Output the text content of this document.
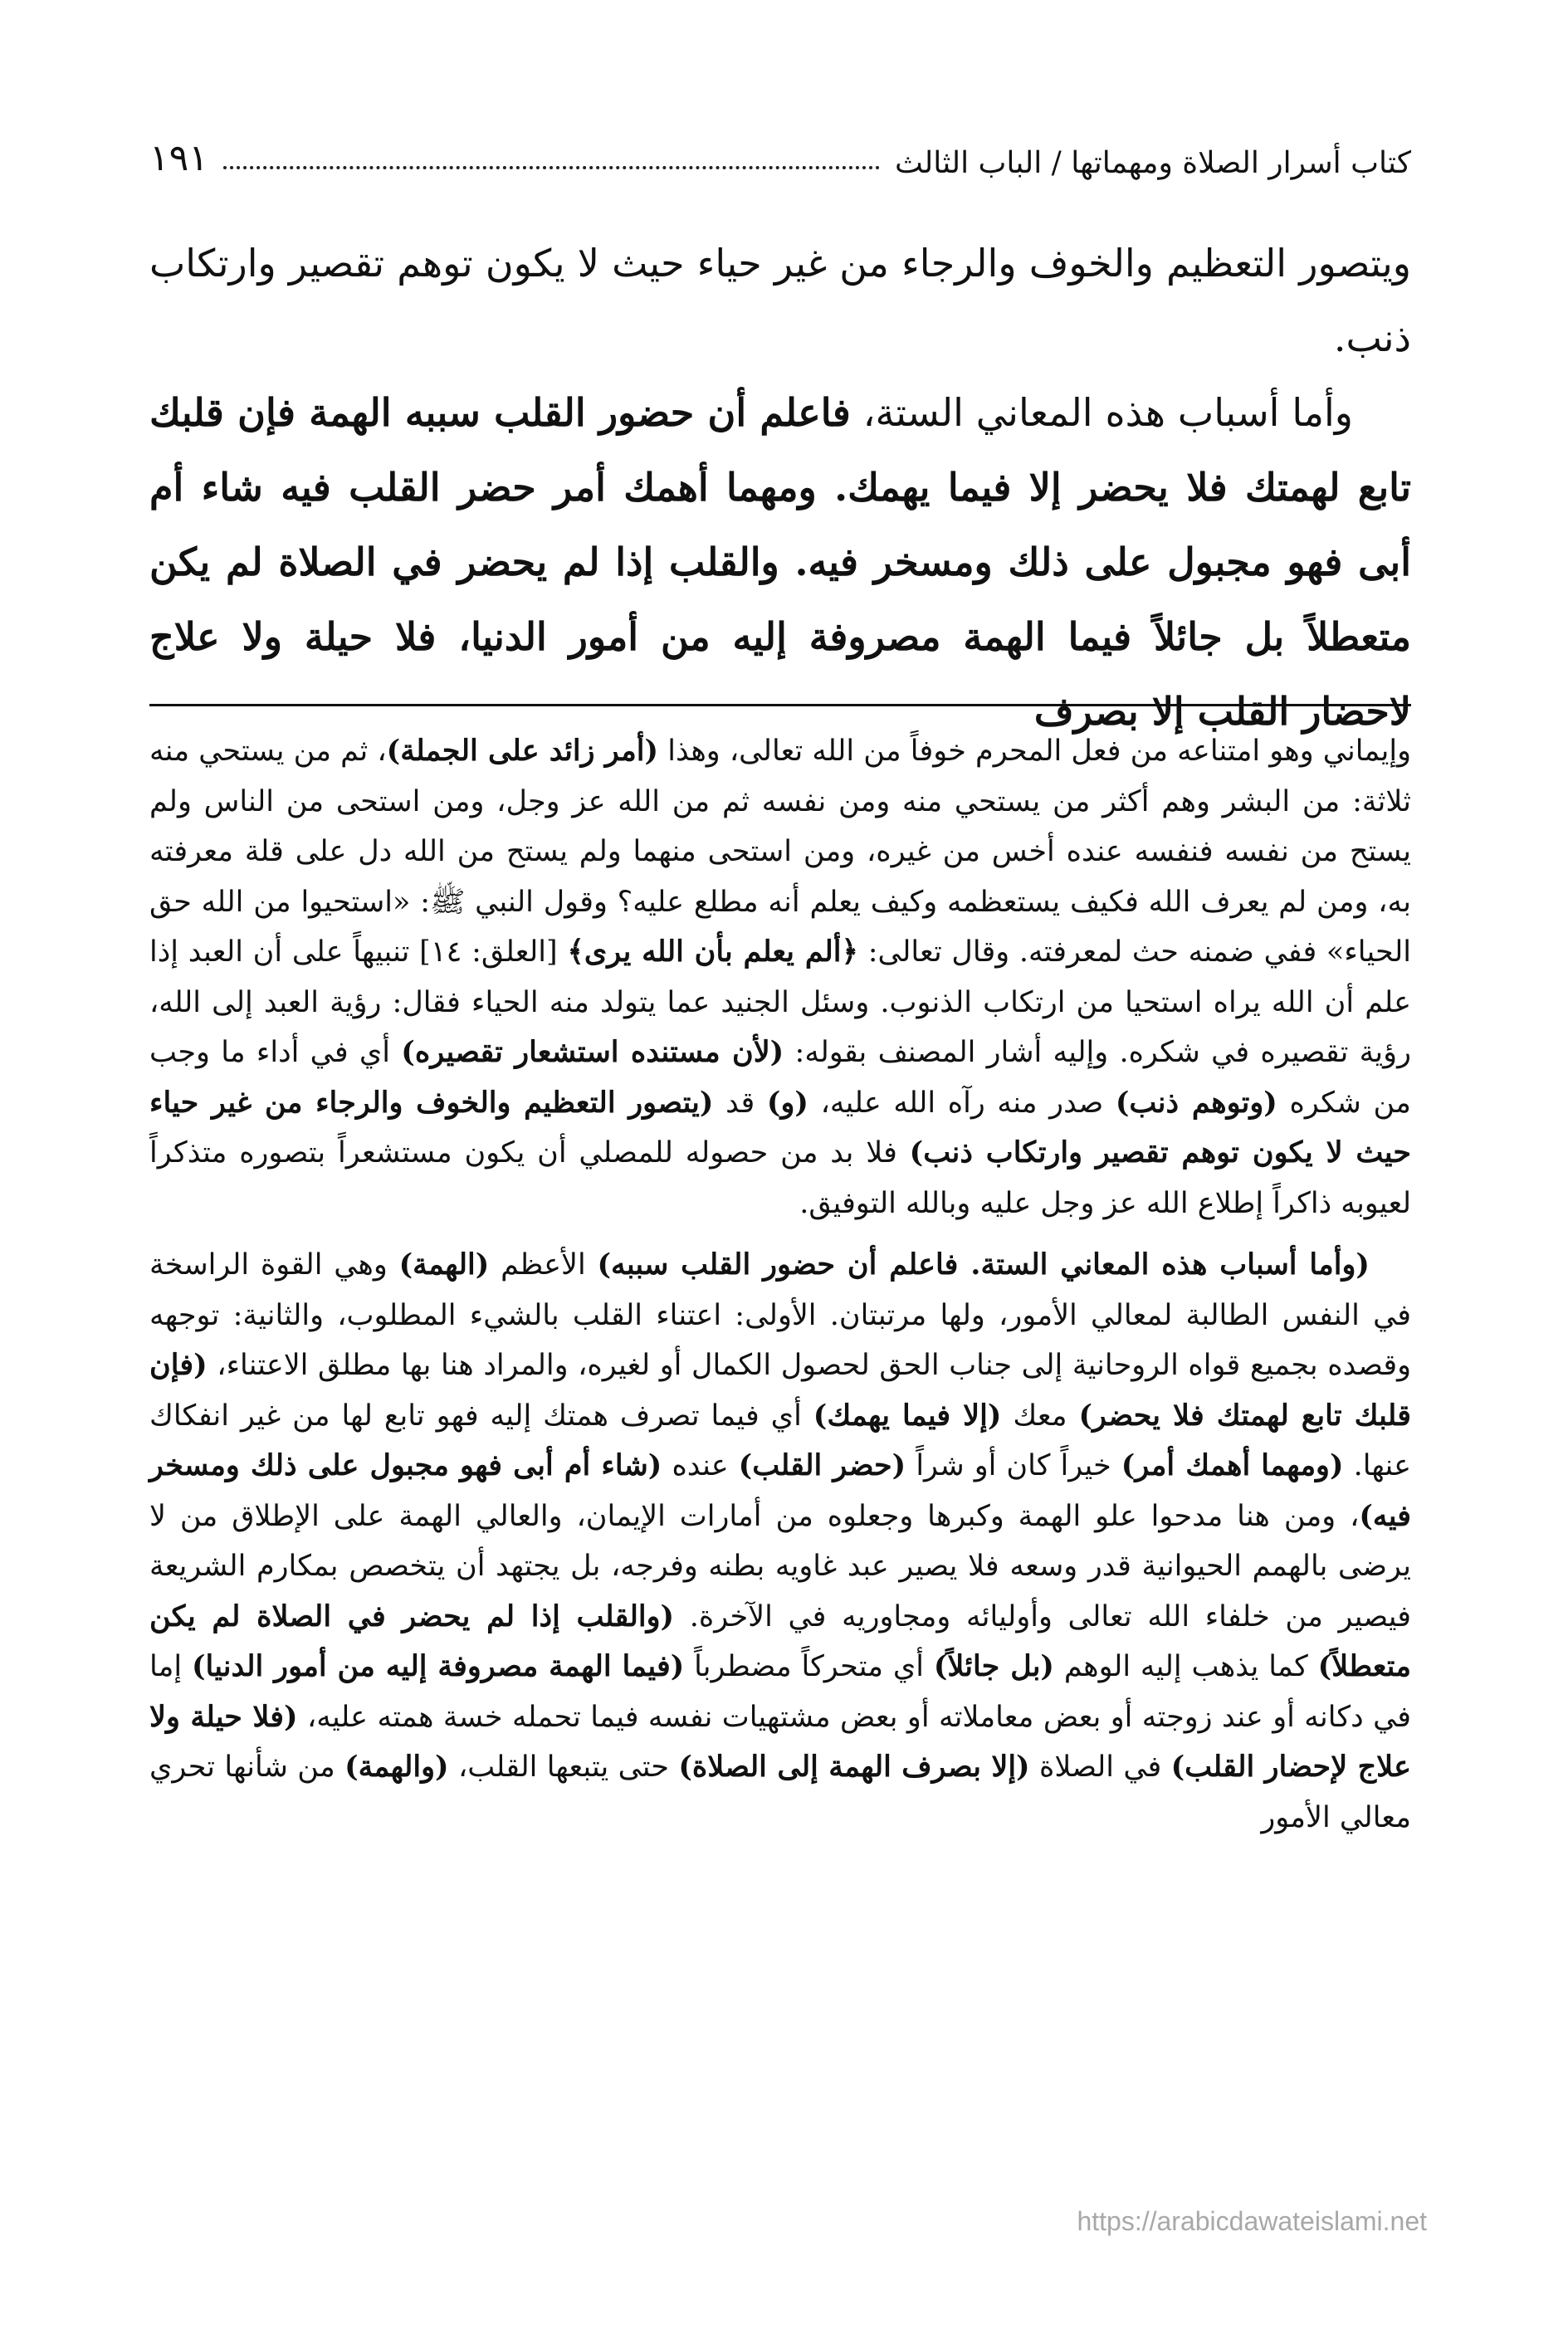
كتاب أسرار الصلاة ومهماتها / الباب الثالث
١٩١

ويتصور التعظيم والخوف والرجاء من غير حياء حيث لا يكون توهم تقصير وارتكاب ذنب.

وأما أسباب هذه المعاني الستة، فاعلم أن حضور القلب سببه الهمة فإن قلبك تابع لهمتك فلا يحضر إلا فيما يهمك. ومهما أهمك أمر حضر القلب فيه شاء أم أبى فهو مجبول على ذلك ومسخر فيه. والقلب إذا لم يحضر في الصلاة لم يكن متعطلاً بل جائلاً فيما الهمة مصروفة إليه من أمور الدنيا، فلا حيلة ولا علاج لاحضار القلب إلا بصرف

وإيماني وهو امتناعه من فعل المحرم خوفاً من الله تعالى، وهذا (أمر زائد على الجملة)، ثم من يستحي منه ثلاثة: من البشر وهم أكثر من يستحي منه ومن نفسه ثم من الله عز وجل، ومن استحى من الناس ولم يستح من نفسه فنفسه عنده أخس من غيره، ومن استحى منهما ولم يستح من الله دل على قلة معرفته به، ومن لم يعرف الله فكيف يستعظمه وكيف يعلم أنه مطلع عليه؟ وقول النبي ﷺ: «استحيوا من الله حق الحياء» ففي ضمنه حث لمعرفته. وقال تعالى: ﴿ألم يعلم بأن الله يرى﴾ [العلق: ١٤] تنبيهاً على أن العبد إذا علم أن الله يراه استحيا من ارتكاب الذنوب. وسئل الجنيد عما يتولد منه الحياء فقال: رؤية العبد إلى الله، رؤية تقصيره في شكره. وإليه أشار المصنف بقوله: (لأن مستنده استشعار تقصيره) أي في أداء ما وجب من شكره (وتوهم ذنب) صدر منه رآه الله عليه، (و) قد (يتصور التعظيم والخوف والرجاء من غير حياء حيث لا يكون توهم تقصير وارتكاب ذنب) فلا بد من حصوله للمصلي أن يكون مستشعراً بتصوره متذكراً لعيوبه ذاكراً إطلاع الله عز وجل عليه وبالله التوفيق.

(وأما أسباب هذه المعاني الستة. فاعلم أن حضور القلب سببه) الأعظم (الهمة) وهي القوة الراسخة في النفس الطالبة لمعالي الأمور، ولها مرتبتان. الأولى: اعتناء القلب بالشيء المطلوب، والثانية: توجهه وقصده بجميع قواه الروحانية إلى جناب الحق لحصول الكمال أو لغيره، والمراد هنا بها مطلق الاعتناء، (فإن قلبك تابع لهمتك فلا يحضر) معك (إلا فيما يهمك) أي فيما تصرف همتك إليه فهو تابع لها من غير انفكاك عنها. (ومهما أهمك أمر) خيراً كان أو شراً (حضر القلب) عنده (شاء أم أبى فهو مجبول على ذلك ومسخر فيه)، ومن هنا مدحوا علو الهمة وكبرها وجعلوه من أمارات الإيمان، والعالي الهمة على الإطلاق من لا يرضى بالهمم الحيوانية قدر وسعه فلا يصير عبد غاويه بطنه وفرجه، بل يجتهد أن يتخصص بمكارم الشريعة فيصير من خلفاء الله تعالى وأوليائه ومجاوريه في الآخرة. (والقلب إذا لم يحضر في الصلاة لم يكن متعطلاً) كما يذهب إليه الوهم (بل جائلاً) أي متحركاً مضطرباً (فيما الهمة مصروفة إليه من أمور الدنيا) إما في دكانه أو عند زوجته أو بعض معاملاته أو بعض مشتهيات نفسه فيما تحمله خسة همته عليه، (فلا حيلة ولا علاج لإحضار القلب) في الصلاة (إلا بصرف الهمة إلى الصلاة) حتى يتبعها القلب، (والهمة) من شأنها تحري معالي الأمور

https://arabicdawateislami.net
